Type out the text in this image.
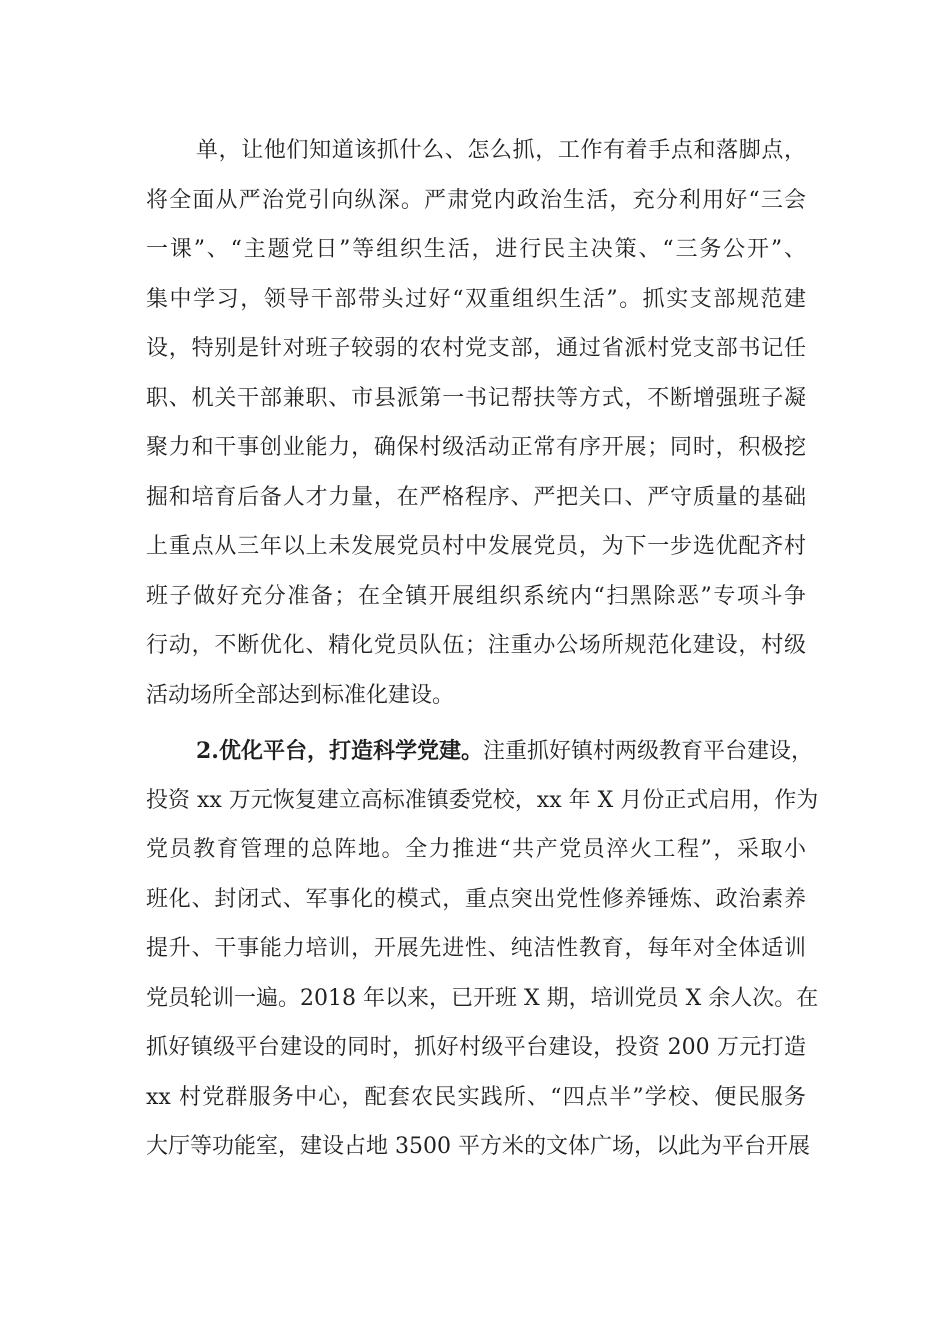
单，让他们知道该抓什么、怎么抓，工作有着手点和落脚点，
将全面从严治党引向纵深。严肃党内政治生活，充分利用好“三会
一课”、“主题党日”等组织生活，进行民主决策、“三务公开”、
集中学习，领导干部带头过好“双重组织生活”。抓实支部规范建
设，特别是针对班子较弱的农村党支部，通过省派村党支部书记任
职、机关干部兼职、市县派第一书记帮扶等方式，不断增强班子凝
聚力和干事创业能力，确保村级活动正常有序开展；同时，积极挖
掘和培育后备人才力量，在严格程序、严把关口、严守质量的基础
上重点从三年以上未发展党员村中发展党员，为下一步选优配齐村
班子做好充分准备；在全镇开展组织系统内“扫黑除恶”专项斗争
行动，不断优化、精化党员队伍；注重办公场所规范化建设，村级
活动场所全部达到标准化建设。
2.优化平台，打造科学党建。注重抓好镇村两级教育平台建设，
投资 xx 万元恢复建立高标准镇委党校，xx 年 X 月份正式启用，作为
党员教育管理的总阵地。全力推进“共产党员淬火工程”，采取小
班化、封闭式、军事化的模式，重点突出党性修养锤炼、政治素养
提升、干事能力培训，开展先进性、纯洁性教育，每年对全体适训
党员轮训一遍。2018 年以来，已开班 X 期，培训党员 X 余人次。在
抓好镇级平台建设的同时，抓好村级平台建设，投资 200 万元打造
xx 村党群服务中心，配套农民实践所、“四点半”学校、便民服务
大厅等功能室，建设占地 3500 平方米的文体广场，以此为平台开展
